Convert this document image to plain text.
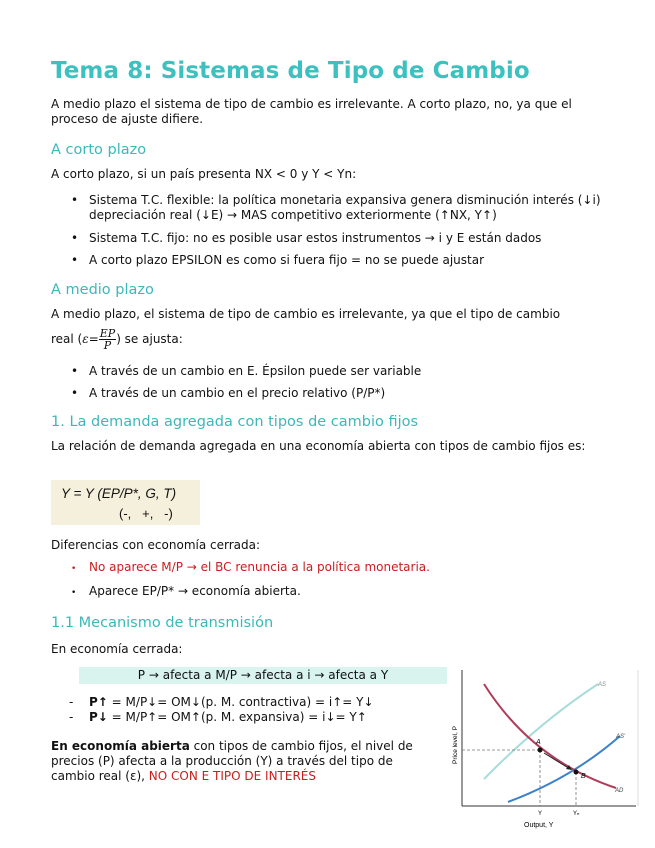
Tema 8: Sistemas de Tipo de Cambio

A medio plazo el sistema de tipo de cambio es irrelevante. A corto plazo, no, ya que el proceso de ajuste difiere.

A corto plazo

A corto plazo, si un país presenta NX < 0 y Y < Yn:

• Sistema T.C. flexible: la política monetaria expansiva genera disminución interés (↓i) depreciación real (↓E) → MAS competitivo exteriormente (↑NX, Y↑)
• Sistema T.C. fijo: no es posible usar estos instrumentos → i y E están dados
• A corto plazo EPSILON es como si fuera fijo = no se puede ajustar
A medio plazo

A medio plazo, el sistema de tipo de cambio es irrelevante, ya que el tipo de cambio
real ($\varepsilon= \frac{EP}{P}$ ) se ajusta:

• A través de un cambio en E. Épsilon puede ser variable
• A través de un cambio en el precio relativo (P/P*)
1. La demanda agregada con tipos de cambio fijos

La relación de demanda agregada en una economía abierta con tipos de cambio fijos es:

Y = Y (EP/P*, G, T)
(-,   +,   -)

Diferencias con economía cerrada:

• No aparece M/P → el BC renuncia a la política monetaria.
• Aparece EP/P* → economía abierta.
1.1 Mecanismo de transmisión

En economía cerrada:

P → afecta a M/P → afecta a i → afecta a Y
- P↑ = M/P↓= OM↓(p. M. contractiva) = i↑= Y↓
- P↓ = M/P↑= OM↑(p. M. expansiva) = i↓= Y↑

En economía abierta con tipos de cambio fijos, el nivel de precios (P) afecta a la producción (Y) a través del tipo de cambio real (ε), NO CON E TIPO DE INTERÉS

A
B
AS
AS'
AD
Y	Yₙ
Price level, P
Output, Y
